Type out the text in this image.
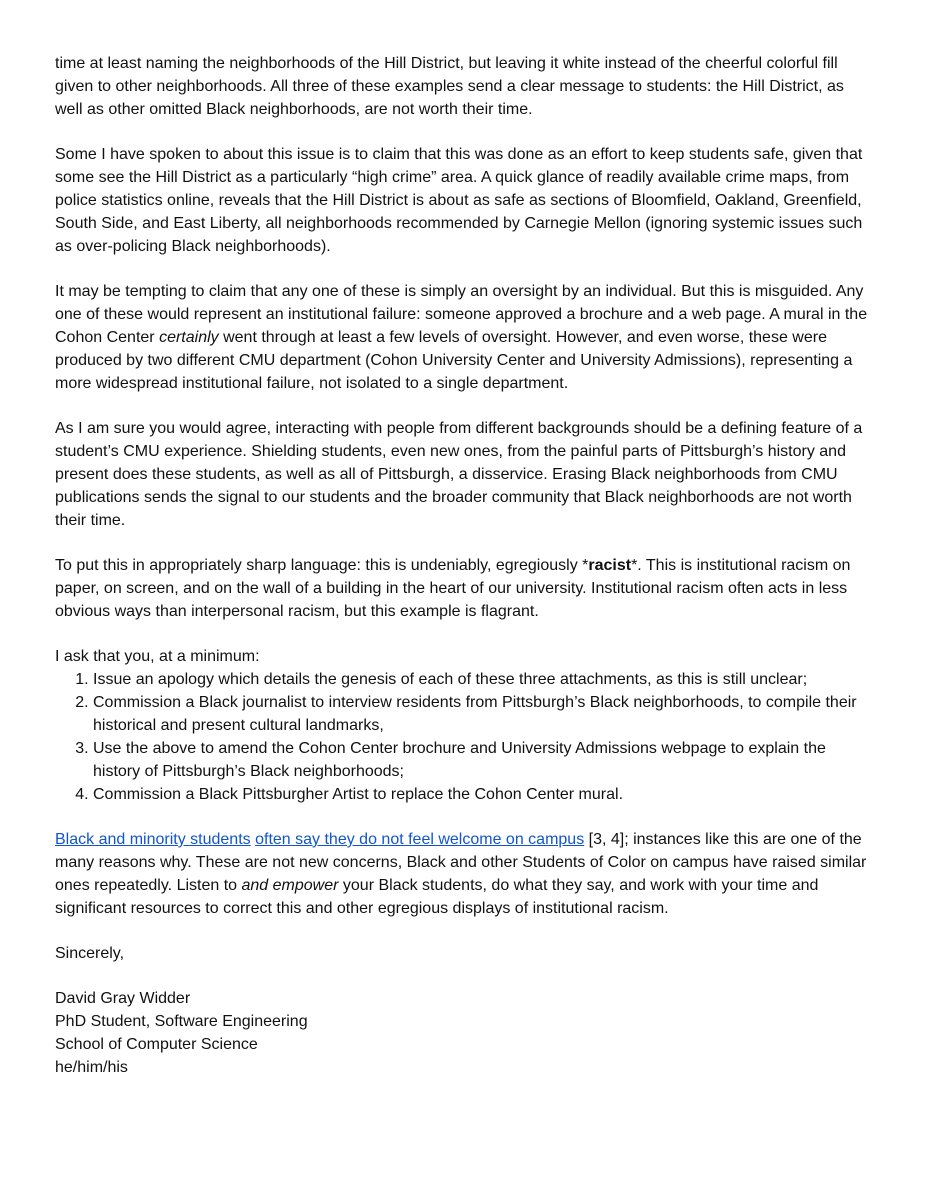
time at least naming the neighborhoods of the Hill District, but leaving it white instead of the cheerful colorful fill given to other neighborhoods. All three of these examples send a clear message to students: the Hill District, as well as other omitted Black neighborhoods, are not worth their time.

Some I have spoken to about this issue is to claim that this was done as an effort to keep students safe, given that some see the Hill District as a particularly “high crime” area. A quick glance of readily available crime maps, from police statistics online, reveals that the Hill District is about as safe as sections of Bloomfield, Oakland, Greenfield, South Side, and East Liberty, all neighborhoods recommended by Carnegie Mellon (ignoring systemic issues such as over-policing Black neighborhoods).

It may be tempting to claim that any one of these is simply an oversight by an individual. But this is misguided. Any one of these would represent an institutional failure: someone approved a brochure and a web page. A mural in the Cohon Center certainly went through at least a few levels of oversight. However, and even worse, these were produced by two different CMU department (Cohon University Center and University Admissions), representing a more widespread institutional failure, not isolated to a single department.

As I am sure you would agree, interacting with people from different backgrounds should be a defining feature of a student’s CMU experience. Shielding students, even new ones, from the painful parts of Pittsburgh’s history and present does these students, as well as all of Pittsburgh, a disservice. Erasing Black neighborhoods from CMU publications sends the signal to our students and the broader community that Black neighborhoods are not worth their time.

To put this in appropriately sharp language: this is undeniably, egregiously *racist*. This is institutional racism on paper, on screen, and on the wall of a building in the heart of our university. Institutional racism often acts in less obvious ways than interpersonal racism, but this example is flagrant.

I ask that you, at a minimum:

1. Issue an apology which details the genesis of each of these three attachments, as this is still unclear;
2. Commission a Black journalist to interview residents from Pittsburgh’s Black neighborhoods, to compile their historical and present cultural landmarks,
3. Use the above to amend the Cohon Center brochure and University Admissions webpage to explain the history of Pittsburgh’s Black neighborhoods;
4. Commission a Black Pittsburgher Artist to replace the Cohon Center mural.

Black and minority students often say they do not feel welcome on campus [3, 4]; instances like this are one of the many reasons why. These are not new concerns, Black and other Students of Color on campus have raised similar ones repeatedly. Listen to and empower your Black students, do what they say, and work with your time and significant resources to correct this and other egregious displays of institutional racism.

Sincerely,

David Gray Widder

PhD Student, Software Engineering

School of Computer Science

he/him/his
